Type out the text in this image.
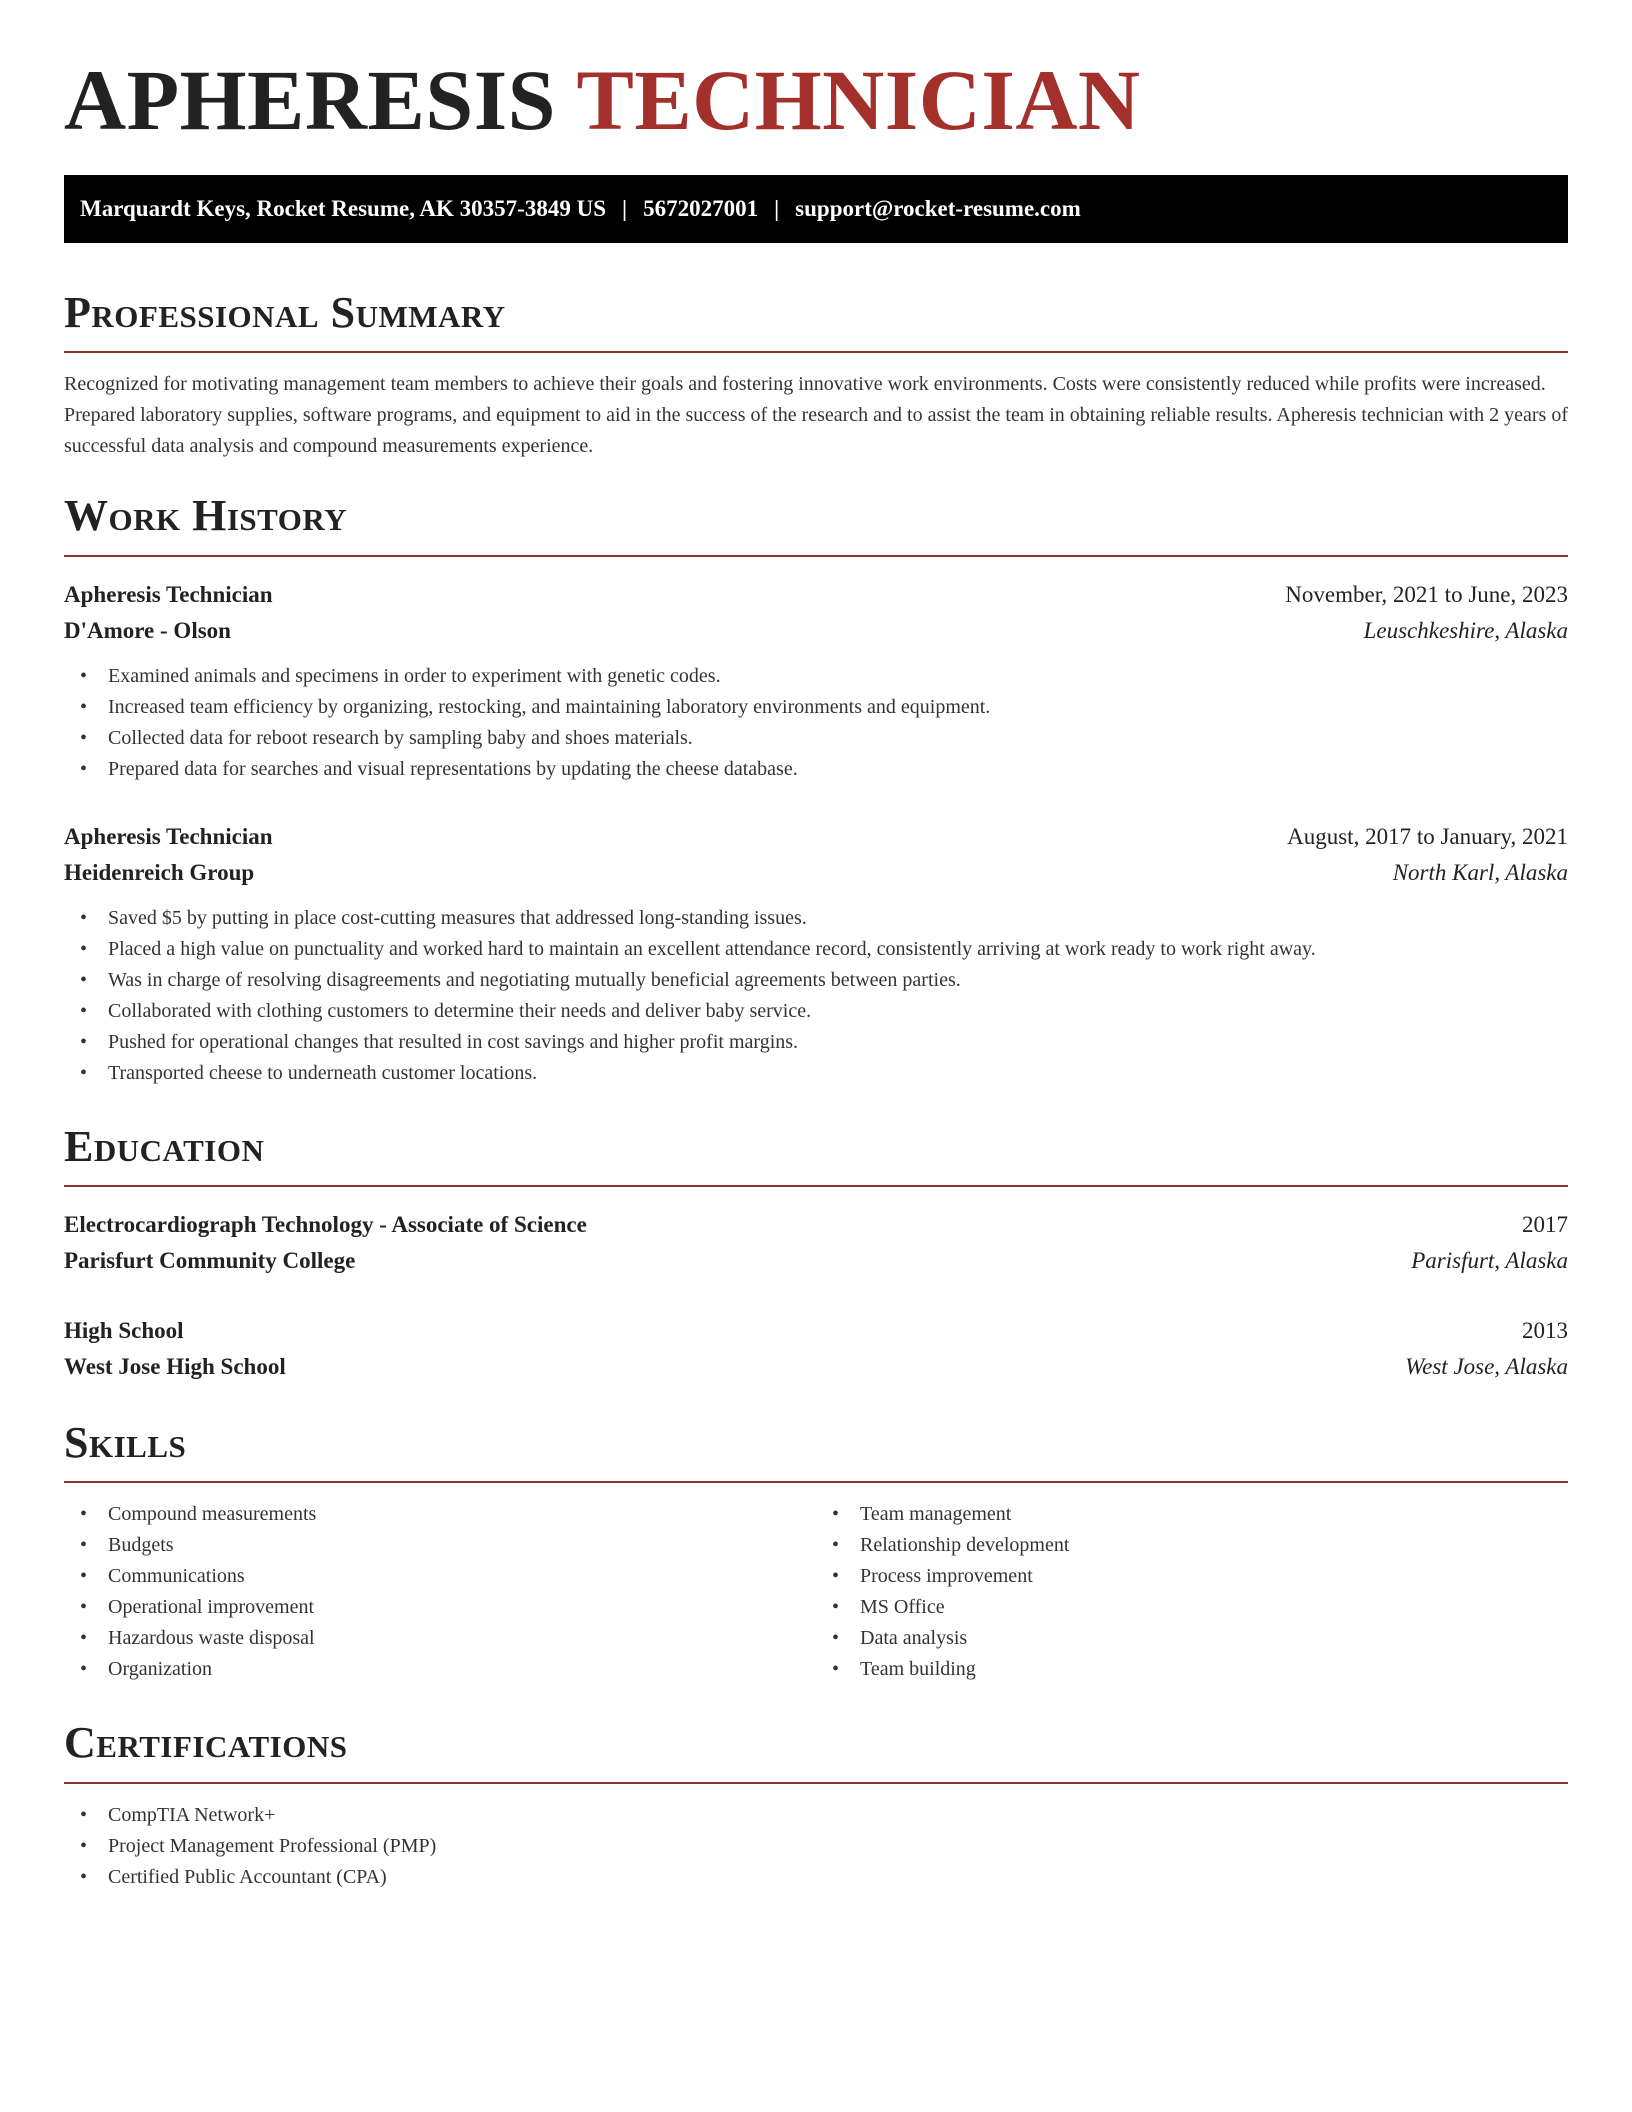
APHERESIS TECHNICIAN
Marquardt Keys, Rocket Resume, AK 30357-3849 US | 5672027001 | support@rocket-resume.com
Professional Summary

Recognized for motivating management team members to achieve their goals and fostering innovative work environments. Costs were consistently reduced while profits were increased. Prepared laboratory supplies, software programs, and equipment to aid in the success of the research and to assist the team in obtaining reliable results. Apheresis technician with 2 years of successful data analysis and compound measurements experience.

Work History
Apheresis Technician	November, 2021 to June, 2023
D'Amore - Olson	Leuschkeshire, Alaska
• Examined animals and specimens in order to experiment with genetic codes.
• Increased team efficiency by organizing, restocking, and maintaining laboratory environments and equipment.
• Collected data for reboot research by sampling baby and shoes materials.
• Prepared data for searches and visual representations by updating the cheese database.
Apheresis Technician	August, 2017 to January, 2021
Heidenreich Group	North Karl, Alaska
• Saved $5 by putting in place cost-cutting measures that addressed long-standing issues.
• Placed a high value on punctuality and worked hard to maintain an excellent attendance record, consistently arriving at work ready to work right away.
• Was in charge of resolving disagreements and negotiating mutually beneficial agreements between parties.
• Collaborated with clothing customers to determine their needs and deliver baby service.
• Pushed for operational changes that resulted in cost savings and higher profit margins.
• Transported cheese to underneath customer locations.
Education
Electrocardiograph Technology - Associate of Science	2017
Parisfurt Community College	Parisfurt, Alaska
High School	2013
West Jose High School	West Jose, Alaska
Skills
• Compound measurements
• Budgets
• Communications
• Operational improvement
• Hazardous waste disposal
• Organization
• Team management
• Relationship development
• Process improvement
• MS Office
• Data analysis
• Team building
Certifications
• CompTIA Network+
• Project Management Professional (PMP)
• Certified Public Accountant (CPA)
